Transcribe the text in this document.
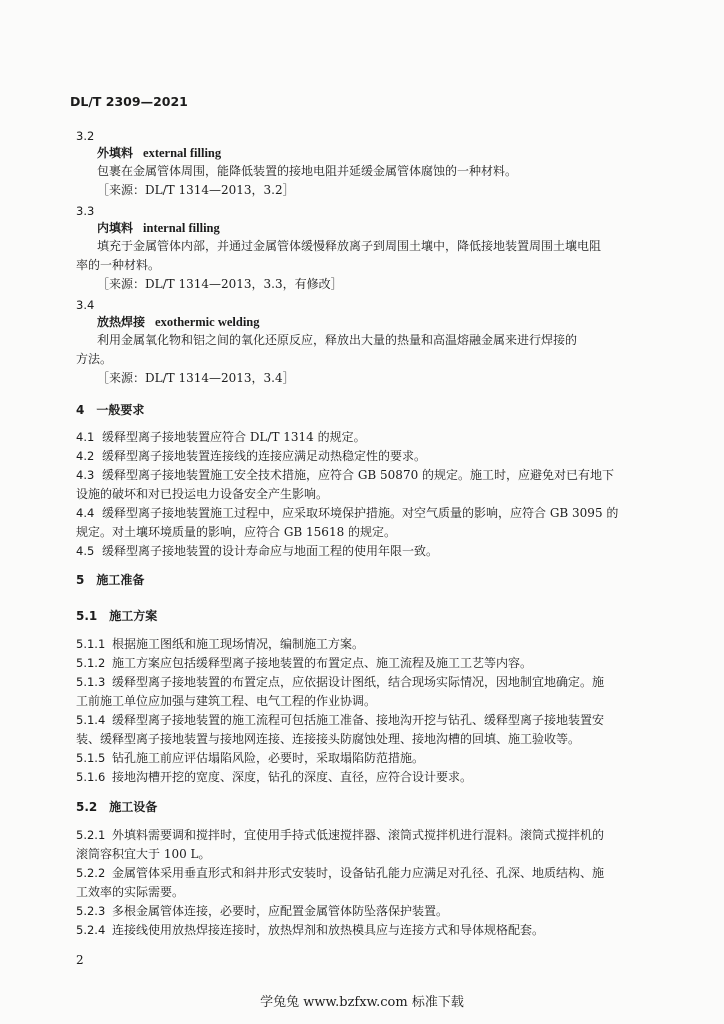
DL/T 2309—2021
3.2
外填料 external filling
包裹在金属管体周围，能降低装置的接地电阻并延缓金属管体腐蚀的一种材料。
［来源：DL/T 1314—2013，3.2］
3.3
内填料 internal filling
填充于金属管体内部，并通过金属管体缓慢释放离子到周围土壤中，降低接地装置周围土壤电阻
率的一种材料。
［来源：DL/T 1314—2013，3.3，有修改］
3.4
放热焊接 exothermic welding
利用金属氧化物和铝之间的氧化还原反应，释放出大量的热量和高温熔融金属来进行焊接的
方法。
［来源：DL/T 1314—2013，3.4］
4　一般要求
4.1 缓释型离子接地装置应符合 DL/T 1314 的规定。
4.2 缓释型离子接地装置连接线的连接应满足动热稳定性的要求。
4.3 缓释型离子接地装置施工安全技术措施，应符合 GB 50870 的规定。施工时，应避免对已有地下
设施的破坏和对已投运电力设备安全产生影响。
4.4 缓释型离子接地装置施工过程中，应采取环境保护措施。对空气质量的影响，应符合 GB 3095 的
规定。对土壤环境质量的影响，应符合 GB 15618 的规定。
4.5 缓释型离子接地装置的设计寿命应与地面工程的使用年限一致。
5　施工准备
5.1　施工方案
5.1.1 根据施工图纸和施工现场情况，编制施工方案。
5.1.2 施工方案应包括缓释型离子接地装置的布置定点、施工流程及施工工艺等内容。
5.1.3 缓释型离子接地装置的布置定点，应依据设计图纸，结合现场实际情况，因地制宜地确定。施
工前施工单位应加强与建筑工程、电气工程的作业协调。
5.1.4 缓释型离子接地装置的施工流程可包括施工准备、接地沟开挖与钻孔、缓释型离子接地装置安
装、缓释型离子接地装置与接地网连接、连接接头防腐蚀处理、接地沟槽的回填、施工验收等。
5.1.5 钻孔施工前应评估塌陷风险，必要时，采取塌陷防范措施。
5.1.6 接地沟槽开挖的宽度、深度，钻孔的深度、直径，应符合设计要求。
5.2　施工设备
5.2.1 外填料需要调和搅拌时，宜使用手持式低速搅拌器、滚筒式搅拌机进行混料。滚筒式搅拌机的
滚筒容积宜大于 100 L。
5.2.2 金属管体采用垂直形式和斜井形式安装时，设备钻孔能力应满足对孔径、孔深、地质结构、施
工效率的实际需要。
5.2.3 多根金属管体连接，必要时，应配置金属管体防坠落保护装置。
5.2.4 连接线使用放热焊接连接时，放热焊剂和放热模具应与连接方式和导体规格配套。
2
学兔兔 www.bzfxw.com 标准下载
